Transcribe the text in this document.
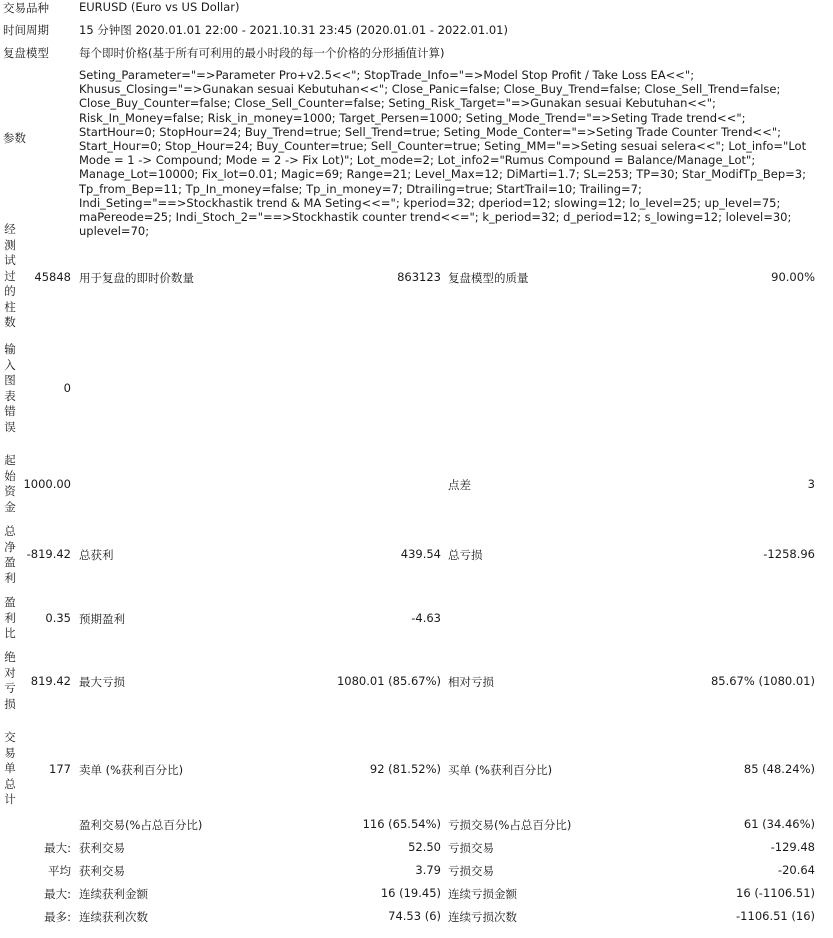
交易品种	EURUSD (Euro vs US Dollar)
时间周期	15 分钟图 2020.01.01 22:00 - 2021.10.31 23:45 (2020.01.01 - 2022.01.01)
复盘模型	每个即时价格(基于所有可利用的最小时段的每一个价格的分形插值计算)
参数
Seting_Parameter="=>Parameter Pro+v2.5<<"; StopTrade_Info="=>Model Stop Profit / Take Loss EA<<"; Khusus_Closing="=>Gunakan sesuai Kebutuhan<<"; Close_Panic=false; Close_Buy_Trend=false; Close_Sell_Trend=false; Close_Buy_Counter=false; Close_Sell_Counter=false; Seting_Risk_Target="=>Gunakan sesuai Kebutuhan<<"; Risk_In_Money=false; Risk_in_money=1000; Target_Persen=1000; Seting_Mode_Trend="=>Seting Trade trend<<"; StartHour=0; StopHour=24; Buy_Trend=true; Sell_Trend=true; Seting_Mode_Conter="=>Seting Trade Counter Trend<<"; Start_Hour=0; Stop_Hour=24; Buy_Counter=true; Sell_Counter=true; Seting_MM="=>Seting sesuai selera<<"; Lot_info="Lot Mode = 1 -> Compound; Mode = 2 -> Fix Lot)"; Lot_mode=2; Lot_info2="Rumus Compound = Balance/Manage_Lot"; Manage_Lot=10000; Fix_lot=0.01; Magic=69; Range=21; Level_Max=12; DiMarti=1.7; SL=253; TP=30; Star_ModifTp_Bep=3; Tp_from_Bep=11; Tp_In_money=false; Tp_in_money=7; Dtrailing=true; StartTrail=10; Trailing=7; Indi_Seting="==>Stockhastik trend & MA Seting<<="; kperiod=32; dperiod=12; slowing=12; lo_level=25; up_level=75; maPereode=25; Indi_Stoch_2="==>Stockhastik counter trend<<="; k_period=32; d_period=12; s_lowing=12; lolevel=30; uplevel=70;
经测试过的柱数
45848 用于复盘的即时价数量	863123 复盘模型的质量	90.00%
输入图表错误
0
起始资金
1000.00	点差	3
总净盈利
-819.42 总获利	439.54 总亏损	-1258.96
盈利比
0.35 预期盈利	-4.63
绝对亏损
819.42 最大亏损	1080.01 (85.67%) 相对亏损	85.67% (1080.01)
交易单总计
177 卖单 (%获利百分比)	92 (81.52%) 买单 (%获利百分比)	85 (48.24%)
盈利交易(%占总百分比)	116 (65.54%) 亏损交易(%占总百分比)	61 (34.46%)
最大: 获利交易	52.50 亏损交易	-129.48
平均 获利交易	3.79 亏损交易	-20.64
最大: 连续获利金额	16 (19.45) 连续亏损金额	16 (-1106.51)
最多: 连续获利次数	74.53 (6) 连续亏损次数	-1106.51 (16)
